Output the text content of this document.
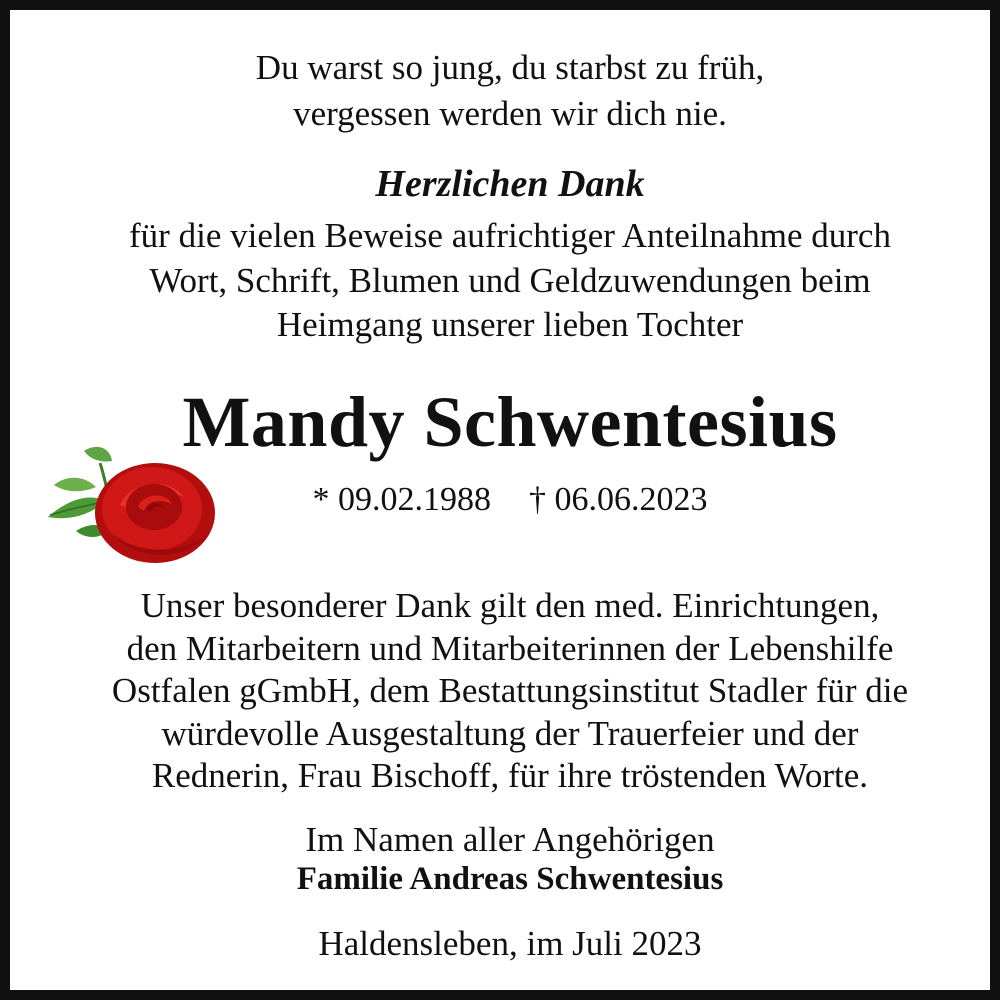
Du warst so jung, du starbst zu früh,
vergessen werden wir dich nie.
Herzlichen Dank
für die vielen Beweise aufrichtiger Anteilnahme durch
Wort, Schrift, Blumen und Geldzuwendungen beim
Heimgang unserer lieben Tochter
Mandy Schwentesius
* 09.02.1988 † 06.06.2023
Unser besonderer Dank gilt den med. Einrichtungen,
den Mitarbeitern und Mitarbeiterinnen der Lebenshilfe
Ostfalen gGmbH, dem Bestattungsinstitut Stadler für die
würdevolle Ausgestaltung der Trauerfeier und der
Rednerin, Frau Bischoff, für ihre tröstenden Worte.
Im Namen aller Angehörigen
Familie Andreas Schwentesius
Haldensleben, im Juli 2023
